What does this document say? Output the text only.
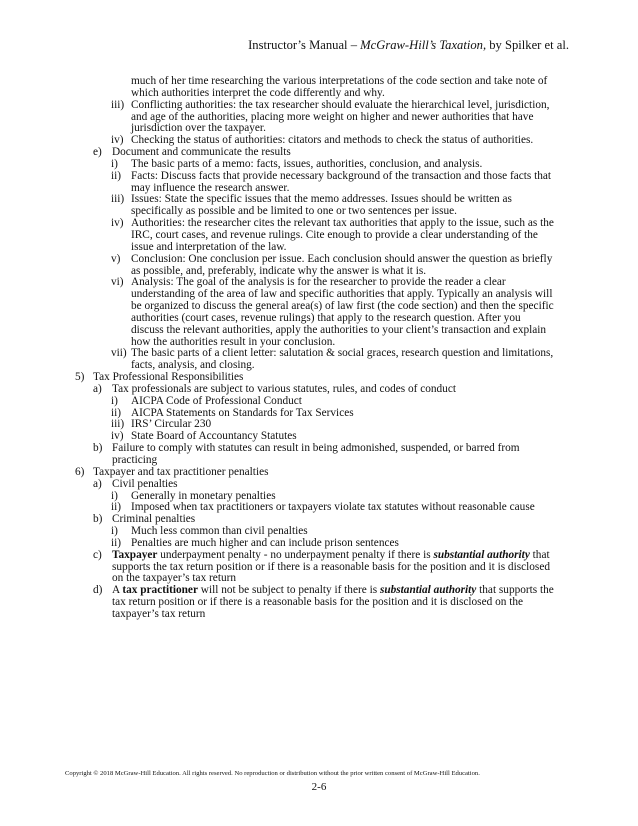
Instructor’s Manual – McGraw-Hill’s Taxation, by Spilker et al.
much of her time researching the various interpretations of the code section and take note of
which authorities interpret the code differently and why.
iii) Conflicting authorities: the tax researcher should evaluate the hierarchical level, jurisdiction,
and age of the authorities, placing more weight on higher and newer authorities that have
jurisdiction over the taxpayer.
iv) Checking the status of authorities: citators and methods to check the status of authorities.
e) Document and communicate the results
i) The basic parts of a memo: facts, issues, authorities, conclusion, and analysis.
ii) Facts: Discuss facts that provide necessary background of the transaction and those facts that
may influence the research answer.
iii) Issues: State the specific issues that the memo addresses. Issues should be written as
specifically as possible and be limited to one or two sentences per issue.
iv) Authorities: the researcher cites the relevant tax authorities that apply to the issue, such as the
IRC, court cases, and revenue rulings. Cite enough to provide a clear understanding of the
issue and interpretation of the law.
v) Conclusion: One conclusion per issue. Each conclusion should answer the question as briefly
as possible, and, preferably, indicate why the answer is what it is.
vi) Analysis: The goal of the analysis is for the researcher to provide the reader a clear
understanding of the area of law and specific authorities that apply. Typically an analysis will
be organized to discuss the general area(s) of law first (the code section) and then the specific
authorities (court cases, revenue rulings) that apply to the research question. After you
discuss the relevant authorities, apply the authorities to your client’s transaction and explain
how the authorities result in your conclusion.
vii) The basic parts of a client letter: salutation & social graces, research question and limitations,
facts, analysis, and closing.
5) Tax Professional Responsibilities
a) Tax professionals are subject to various statutes, rules, and codes of conduct
i) AICPA Code of Professional Conduct
ii) AICPA Statements on Standards for Tax Services
iii) IRS’ Circular 230
iv) State Board of Accountancy Statutes
b) Failure to comply with statutes can result in being admonished, suspended, or barred from
practicing
6) Taxpayer and tax practitioner penalties
a) Civil penalties
i) Generally in monetary penalties
ii) Imposed when tax practitioners or taxpayers violate tax statutes without reasonable cause
b) Criminal penalties
i) Much less common than civil penalties
ii) Penalties are much higher and can include prison sentences
c) Taxpayer underpayment penalty - no underpayment penalty if there is substantial authority that
supports the tax return position or if there is a reasonable basis for the position and it is disclosed
on the taxpayer’s tax return
d) A tax practitioner will not be subject to penalty if there is substantial authority that supports the
tax return position or if there is a reasonable basis for the position and it is disclosed on the
taxpayer’s tax return
Copyright © 2018 McGraw-Hill Education. All rights reserved. No reproduction or distribution without the prior written consent of McGraw-Hill Education.
2-6
